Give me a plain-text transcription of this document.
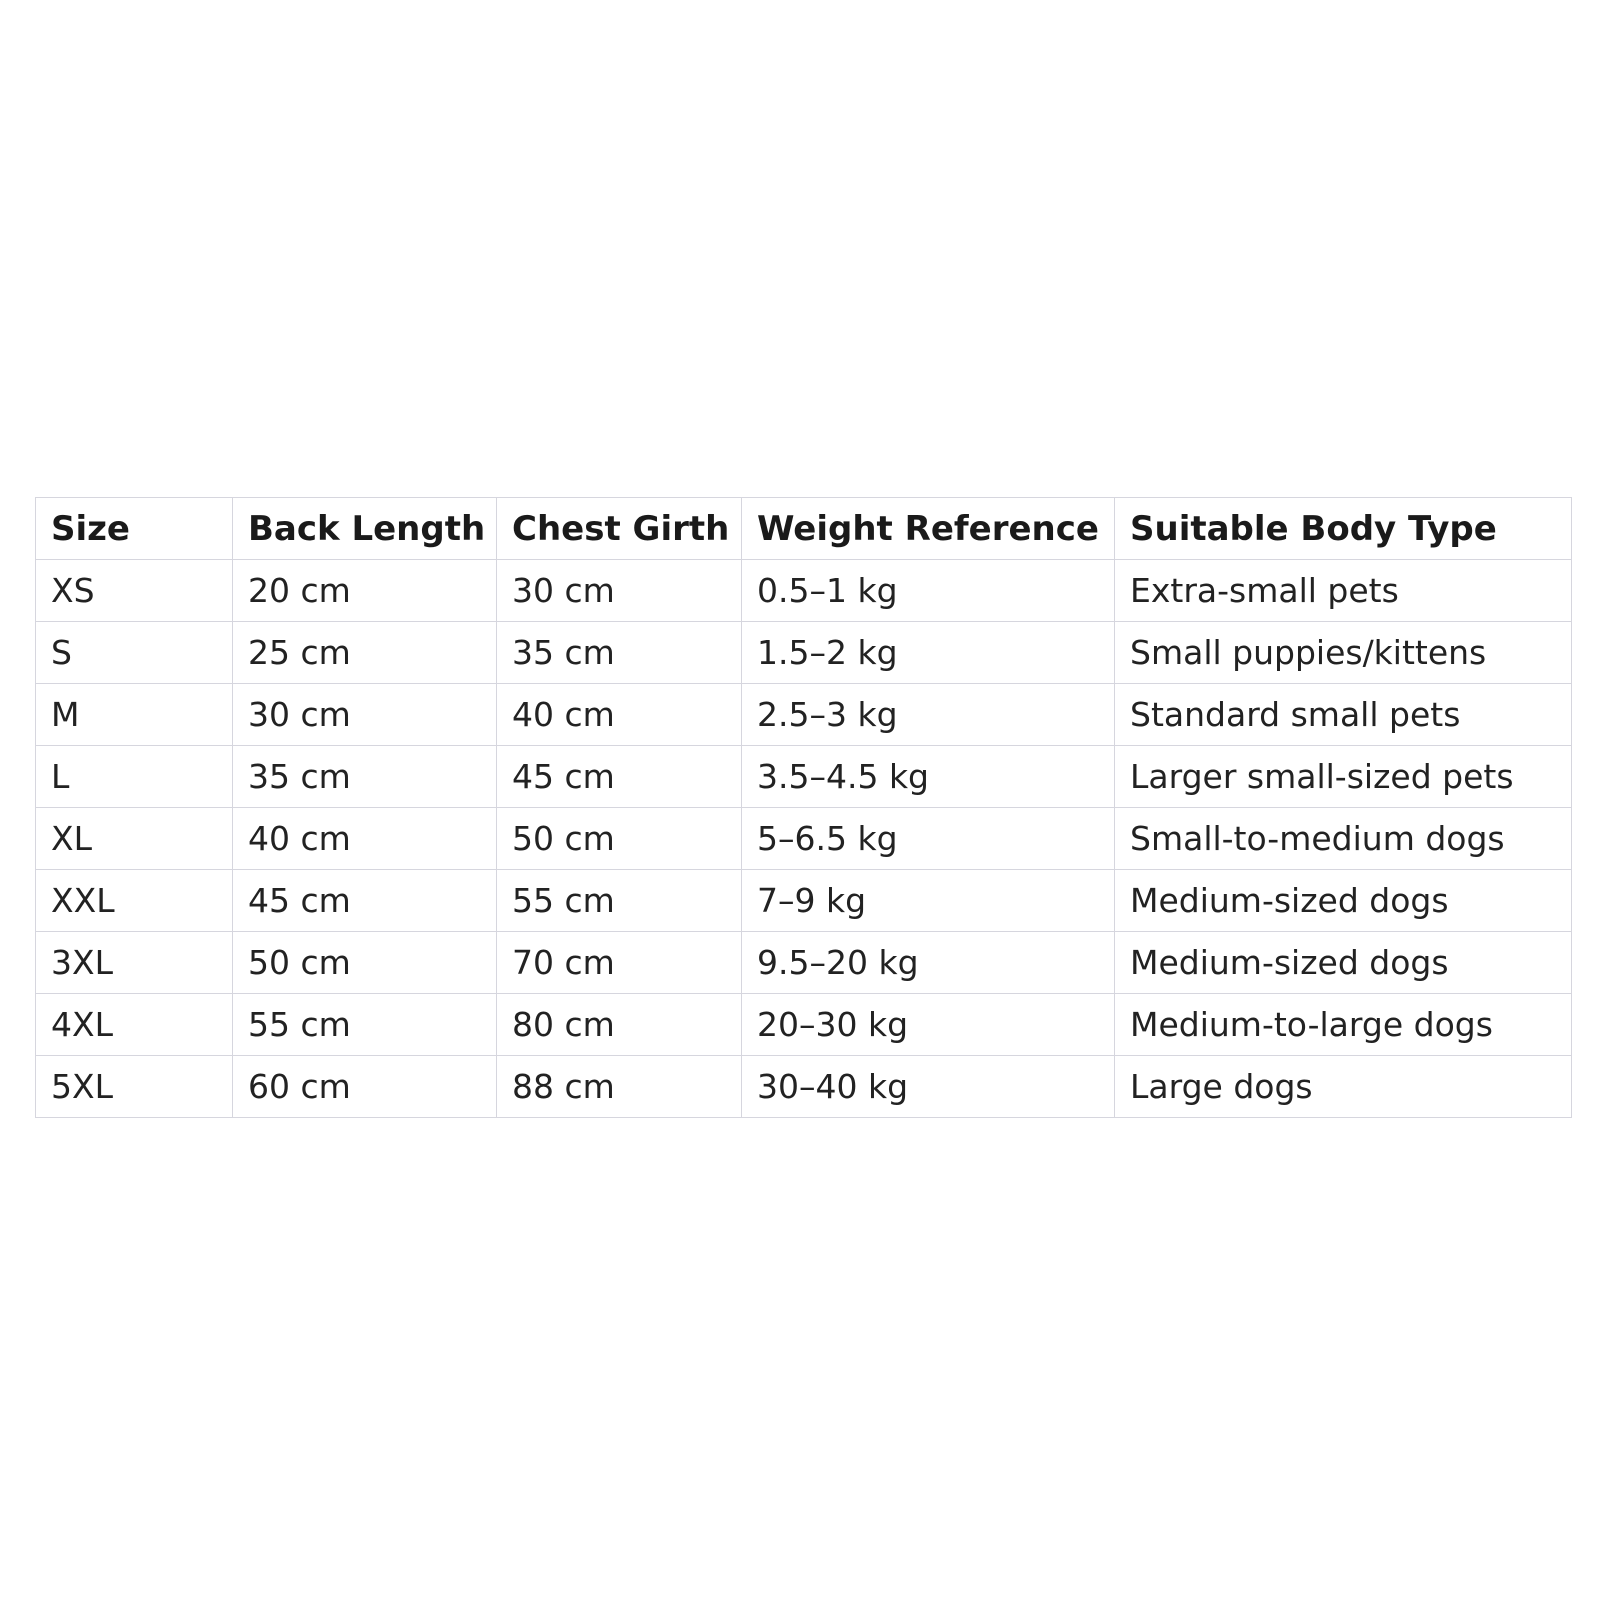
Size	Back Length	Chest Girth	Weight Reference	Suitable Body Type
XS	20 cm	30 cm	0.5–1 kg	Extra-small pets
S	25 cm	35 cm	1.5–2 kg	Small puppies/kittens
M	30 cm	40 cm	2.5–3 kg	Standard small pets
L	35 cm	45 cm	3.5–4.5 kg	Larger small-sized pets
XL	40 cm	50 cm	5–6.5 kg	Small-to-medium dogs
XXL	45 cm	55 cm	7–9 kg	Medium-sized dogs
3XL	50 cm	70 cm	9.5–20 kg	Medium-sized dogs
4XL	55 cm	80 cm	20–30 kg	Medium-to-large dogs
5XL	60 cm	88 cm	30–40 kg	Large dogs
